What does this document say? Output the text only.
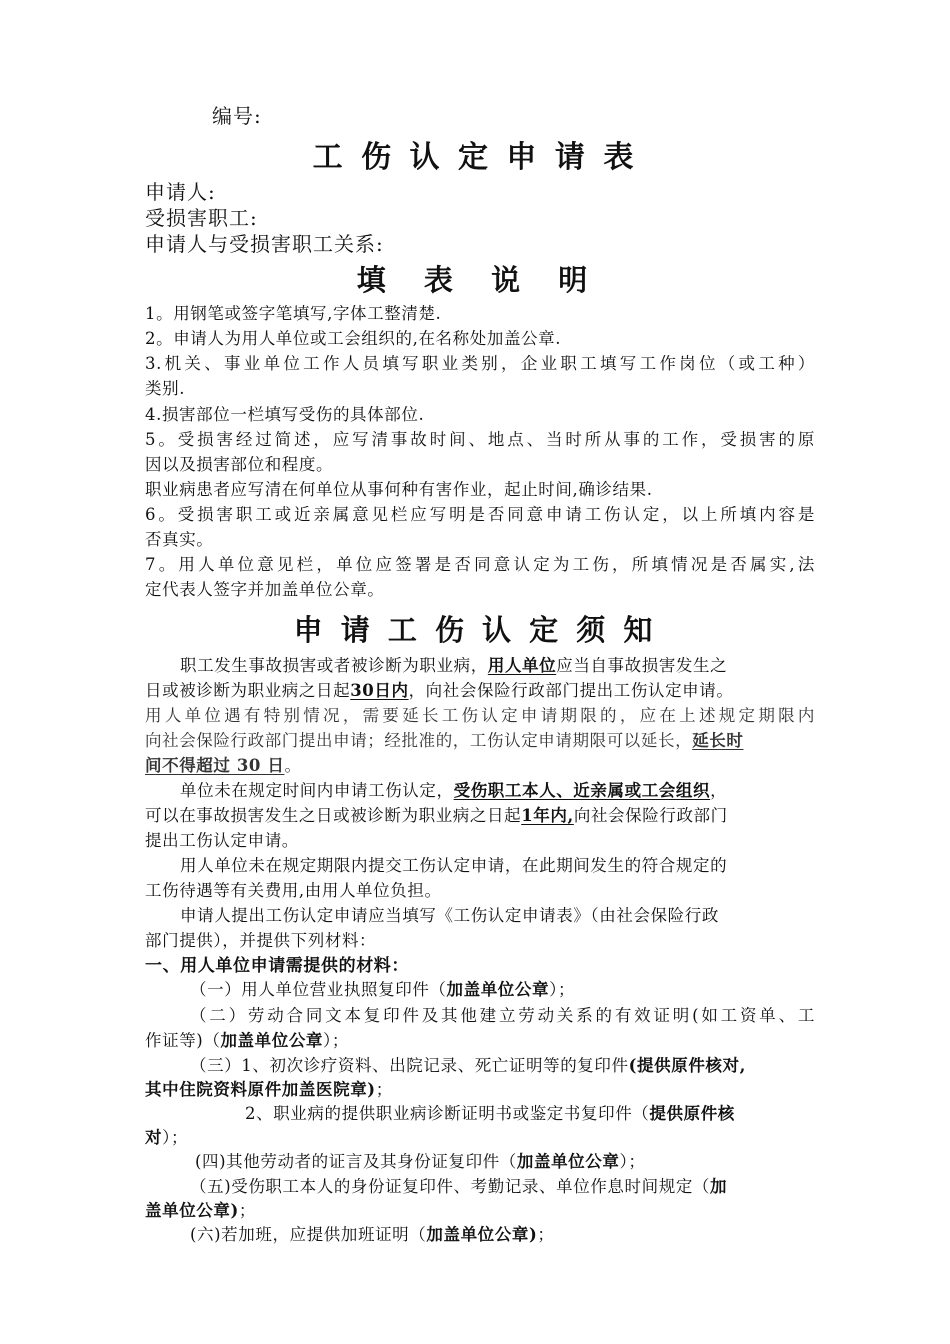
编号:
工 伤 认 定 申 请 表
申请人:
受损害职工:
申请人与受损害职工关系:
填  表  说  明
1。用钢笔或签字笔填写,字体工整清楚.
2。申请人为用人单位或工会组织的,在名称处加盖公章.
3.机关、事业单位工作人员填写职业类别，企业职工填写工作岗位（或工种）
类别.
4.损害部位一栏填写受伤的具体部位.
5。受损害经过简述，应写清事故时间、地点、当时所从事的工作，受损害的原
因以及损害部位和程度。
职业病患者应写清在何单位从事何种有害作业，起止时间,确诊结果.
6。受损害职工或近亲属意见栏应写明是否同意申请工伤认定，以上所填内容是
否真实。
7。用人单位意见栏，单位应签署是否同意认定为工伤，所填情况是否属实,法
定代表人签字并加盖单位公章。
申 请 工 伤 认 定 须 知
职工发生事故损害或者被诊断为职业病，用人单位应当自事故损害发生之
日或被诊断为职业病之日起30日内，向社会保险行政部门提出工伤认定申请。
用人单位遇有特别情况，需要延长工伤认定申请期限的，应在上述规定期限内
向社会保险行政部门提出申请；经批准的，工伤认定申请期限可以延长，延长时
间不得超过 30 日。
单位未在规定时间内申请工伤认定，受伤职工本人、近亲属或工会组织，
可以在事故损害发生之日或被诊断为职业病之日起1年内,向社会保险行政部门
提出工伤认定申请。
用人单位未在规定期限内提交工伤认定申请，在此期间发生的符合规定的
工伤待遇等有关费用,由用人单位负担。
申请人提出工伤认定申请应当填写《工伤认定申请表》（由社会保险行政
部门提供），并提供下列材料：
一、用人单位申请需提供的材料：
（一）用人单位营业执照复印件（加盖单位公章）；
（二）劳动合同文本复印件及其他建立劳动关系的有效证明(如工资单、工
作证等)（加盖单位公章）；
（三）1、初次诊疗资料、出院记录、死亡证明等的复印件(提供原件核对,
其中住院资料原件加盖医院章)；
2、职业病的提供职业病诊断证明书或鉴定书复印件（提供原件核
对）；
(四)其他劳动者的证言及其身份证复印件（加盖单位公章）；
（五)受伤职工本人的身份证复印件、考勤记录、单位作息时间规定（加
盖单位公章)；
(六)若加班，应提供加班证明（加盖单位公章)；
